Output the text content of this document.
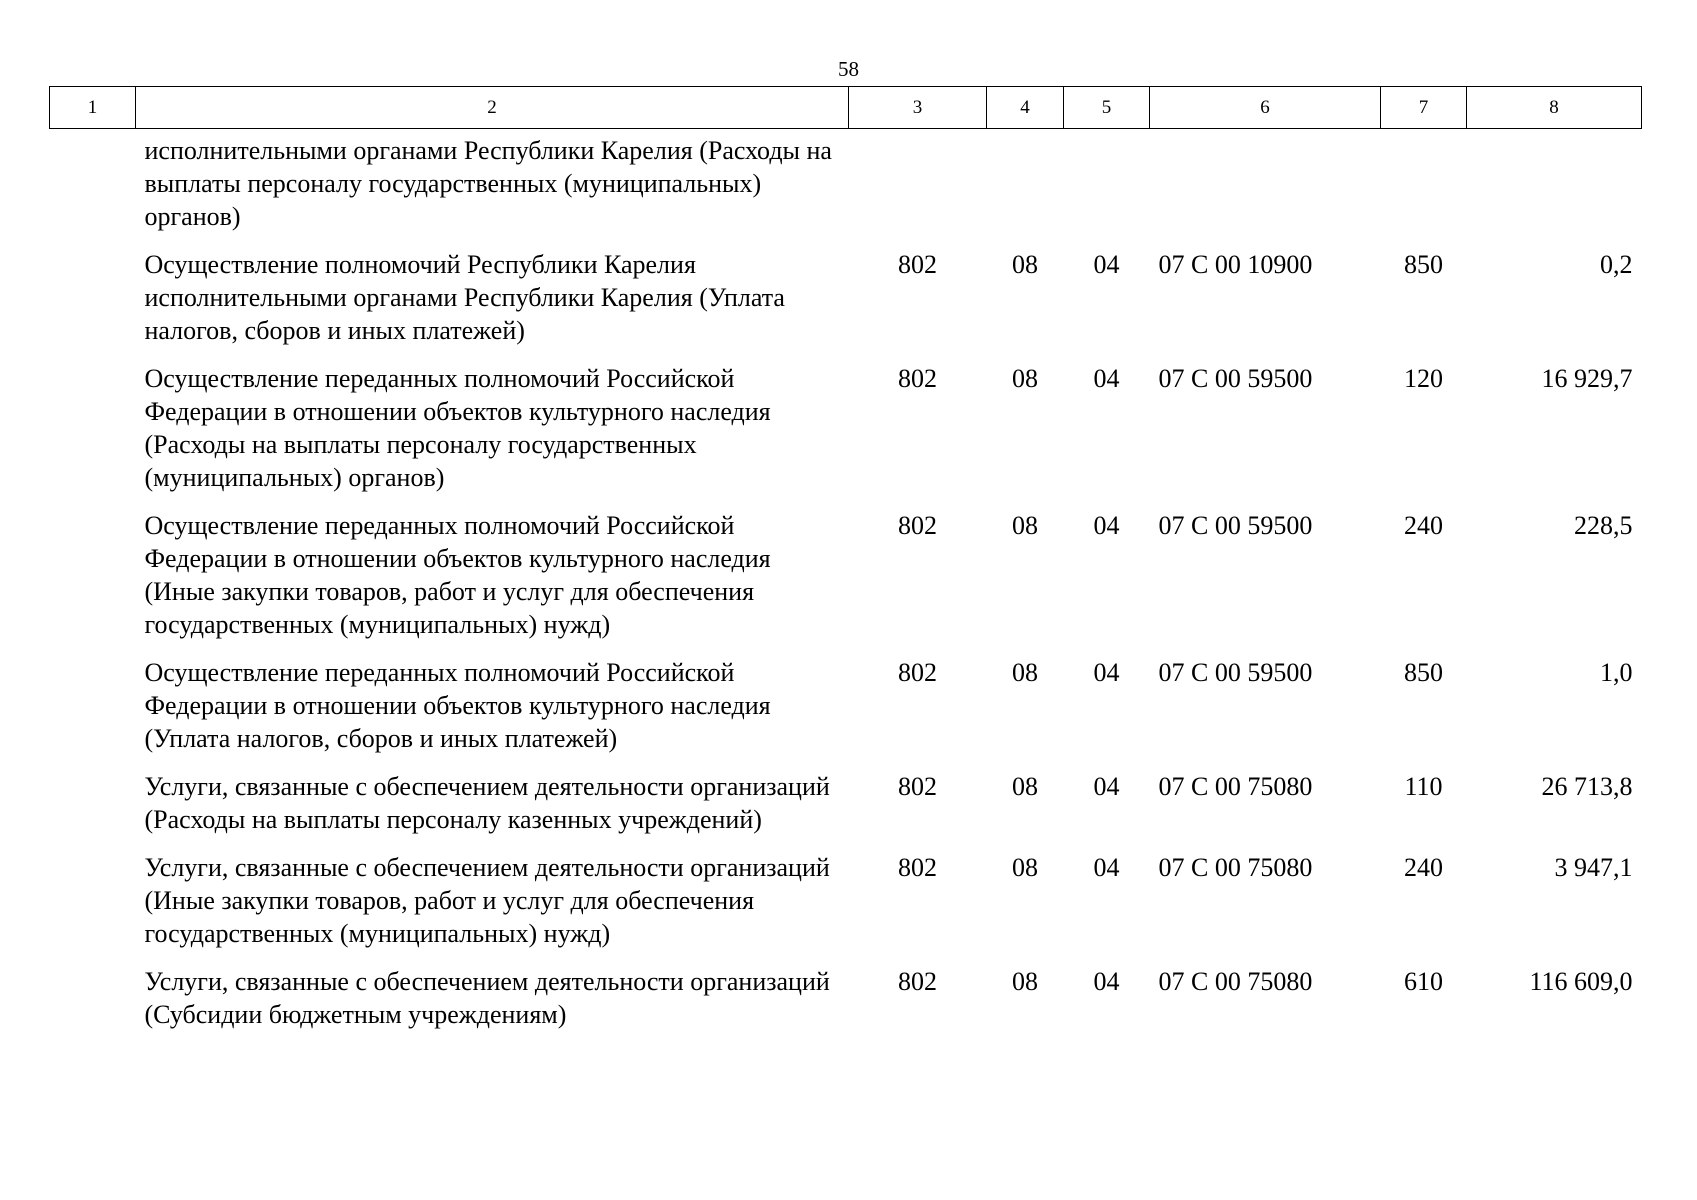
58
1	2	3	4	5	6	7	8
исполнительными органами Республики Карелия (Расходы на выплаты персоналу государственных (муниципальных) органов)							
Осуществление полномочий Республики Карелия исполнительными органами Республики Карелия (Уплата налогов, сборов и иных платежей)		802	08	04	07 С 00 10900	850	0,2
Осуществление переданных полномочий Российской Федерации в отношении объектов культурного наследия (Расходы на выплаты персоналу государственных (муниципальных) органов)		802	08	04	07 С 00 59500	120	16 929,7
Осуществление переданных полномочий Российской Федерации в отношении объектов культурного наследия (Иные закупки товаров, работ и услуг для обеспечения государственных (муниципальных) нужд)		802	08	04	07 С 00 59500	240	228,5
Осуществление переданных полномочий Российской Федерации в отношении объектов культурного наследия (Уплата налогов, сборов и иных платежей)		802	08	04	07 С 00 59500	850	1,0
Услуги, связанные с обеспечением деятельности организаций (Расходы на выплаты персоналу казенных учреждений)		802	08	04	07 С 00 75080	110	26 713,8
Услуги, связанные с обеспечением деятельности организаций (Иные закупки товаров, работ и услуг для обеспечения государственных (муниципальных) нужд)		802	08	04	07 С 00 75080	240	3 947,1
Услуги, связанные с обеспечением деятельности организаций (Субсидии бюджетным учреждениям)		802	08	04	07 С 00 75080	610	116 609,0
